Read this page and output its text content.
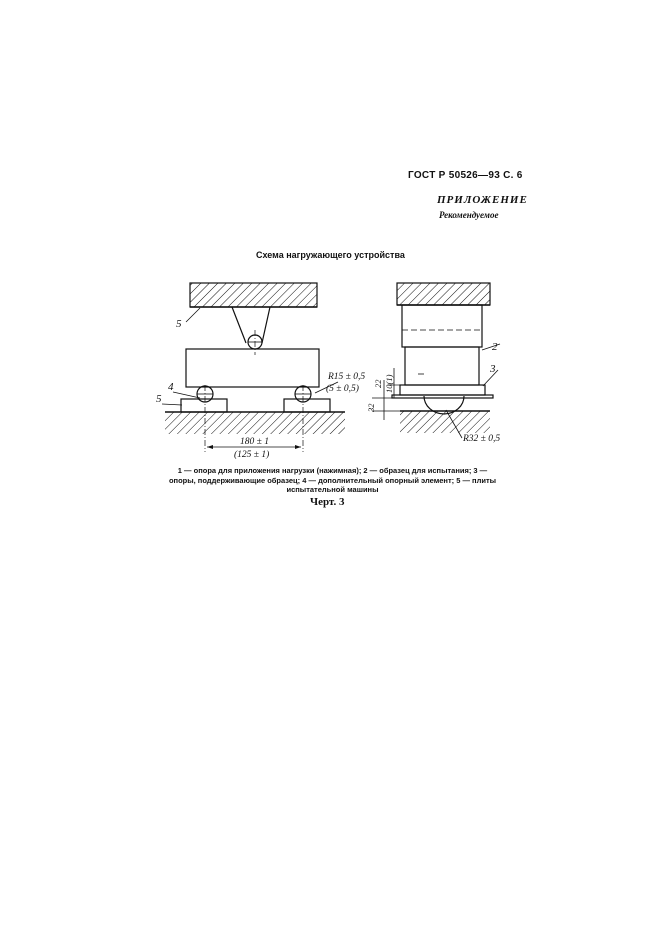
ГОСТ Р 50526—93 С. 6
ПРИЛОЖЕНИЕ
Рекомендуемое
Схема нагружающего устройства
5
4
5
R15 ± 0,5
(5 ± 0,5)
180 ± 1
(125 ± 1)
2
3
22 10(1)
32
R32 ± 0,5
1 — опора для приложения нагрузки (нажимная); 2 — образец для испытания; 3 —
опоры, поддерживающие образец; 4 — дополнительный опорный элемент; 5 — плиты
испытательной машины
Черт. 3
